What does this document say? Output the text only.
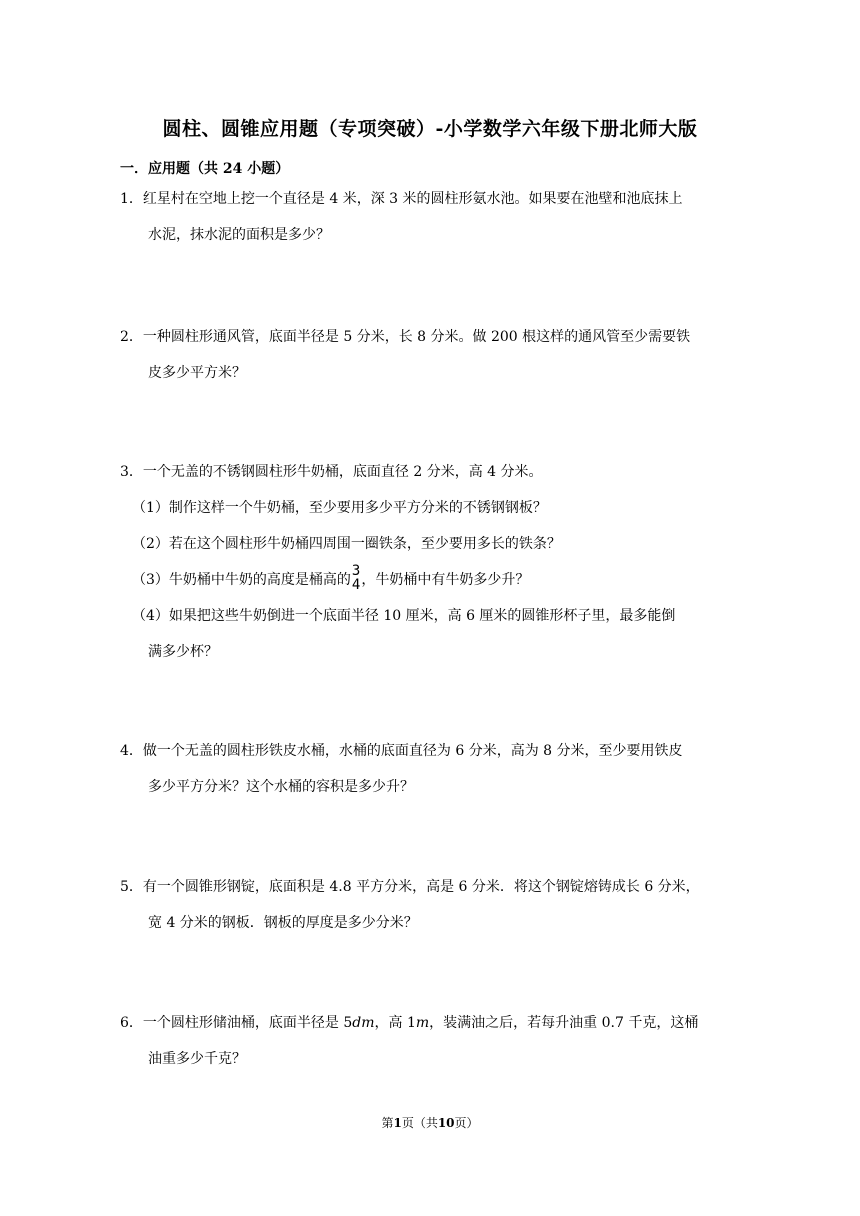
圆柱、圆锥应用题（专项突破）-小学数学六年级下册北师大版
一．应用题（共 24 小题）
1．红星村在空地上挖一个直径是 4 米，深 3 米的圆柱形氨水池。如果要在池壁和池底抹上
水泥，抹水泥的面积是多少？
2．一种圆柱形通风管，底面半径是 5 分米，长 8 分米。做 200 根这样的通风管至少需要铁
皮多少平方米？
3．一个无盖的不锈钢圆柱形牛奶桶，底面直径 2 分米，高 4 分米。
（1）制作这样一个牛奶桶，至少要用多少平方分米的不锈钢钢板？
（2）若在这个圆柱形牛奶桶四周围一圈铁条，至少要用多长的铁条？
（3）牛奶桶中牛奶的高度是桶高的
3
4 ，牛奶桶中有牛奶多少升？
（4）如果把这些牛奶倒进一个底面半径 10 厘米，高 6 厘米的圆锥形杯子里，最多能倒
满多少杯？
4．做一个无盖的圆柱形铁皮水桶，水桶的底面直径为 6 分米，高为 8 分米，至少要用铁皮
多少平方分米？这个水桶的容积是多少升？
5．有一个圆锥形钢锭，底面积是 4.8 平方分米，高是 6 分米．将这个钢锭熔铸成长 6 分米，
宽 4 分米的钢板．钢板的厚度是多少分米？
6．一个圆柱形储油桶，底面半径是 5dm，高 1m，装满油之后，若每升油重 0.7 千克，这桶
油重多少千克？
第1页（共10页）
